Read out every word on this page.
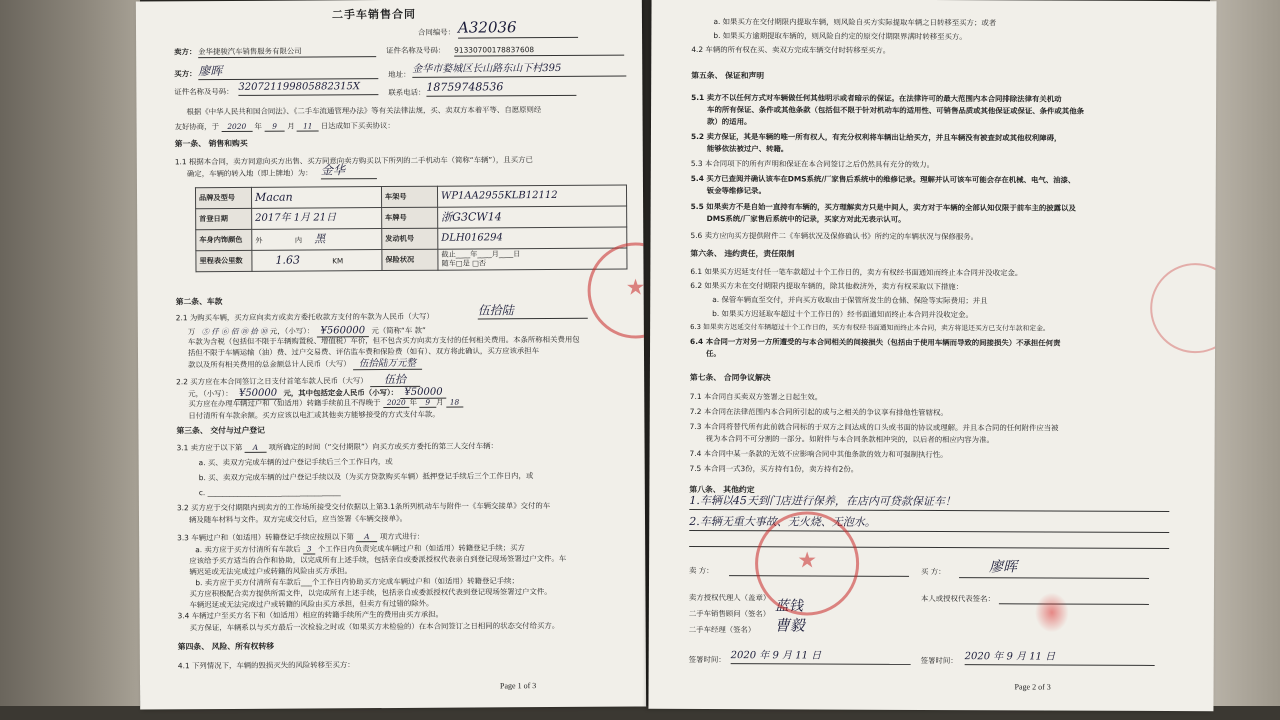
二手车销售合同
合同编号： A32036
卖方： 金华捷骏汽车销售服务有限公司	证件名称及号码： 91330700178837608
买方： 廖晖	地址： 金华市婺城区长山路东山下村395
证件名称及号码： 320721199805882315X	联系电话： 18759748536
根据《中华人民共和国合同法》、《二手车流通管理办法》等有关法律法规，买、卖双方本着平等、自愿原则经
友好协商，于 2020 年 9 月 11 日达成如下买卖协议：
第一条、 销售和购买
1.1 根据本合同，卖方同意向买方出售、买方同意向卖方购买以下所列的二手机动车（简称“车辆”），且买方已
确定，车辆的转入地（即上牌地）为： 金华
品牌及型号	Macan	车架号	WP1AA2955KLB12112
首登日期	2017年 1月 21日	车牌号	浙G3CW14
车身内饰颜色	外 内 黑	发动机号	DLH016294
里程表公里数	1.63 KM	保险状况	截止____年____月____日
随车□是 □否
第二条、车款
2.1 为购买车辆，买方应向卖方或卖方委托收款方支付的车款为人民币（大写）	伍拾陆
万 ⑤ 仟 ⑥ 佰 ⑩ 拾 ⑩ 元，（小写）： ¥560000 元（简称“车 款”
车款为含税（包括但不限于车辆购置税、增值税）车价，但不包含买方向卖方支付的任何相关费用。本条所称相关费用包
括但不限于车辆运输（油）费、过户交易费、评估监车费和保险费（如有）、双方将此确认，买方应该承担车
款以及所有相关费用的总金额总计人民币（大写） 伍拾陆万元整
2.2 买方应在本合同签订之日支付首笔车款人民币（大写） 伍拾
元，（小写）： ¥50000 元，其中包括定金人民币（小写）： ¥50000
买方应在办理车辆过户和（如适用）转籍手续前且不得晚于 2020 年 9 月 18
日付清所有车款余额。买方应该以电汇或其他卖方能够接受的方式支付车款。
第三条、 交付与过户登记
3.1 卖方应于以下第 A 项所确定的时间（“交付期限”）向买方或买方委托的第三人交付车辆：
a. 买、卖双方完成车辆的过户登记手续后三个工作日内，或
b. 买、卖双方完成车辆的过户登记手续以及（为买方贷款购买车辆）抵押登记手续后三个工作日内，或
c. ____________________________________
3.2 买方应于交付期限内到卖方的工作场所接受交付依据以上第3.1条所列机动车与附件一《车辆交接单》交付的车
辆及随车材料与文件。双方完成交付后，应当签署《车辆交接单》。
3.3 车辆过户和（如适用）转籍登记手续应按照以下第 A 项方式进行：
a. 卖方应于买方付清所有车款后 3 个工作日内负责完成车辆过户和（如适用）转籍登记手续；买方
应该给予买方适当的合作和协助，以完成所有上述手续，包括亲自或委派授权代表亲自到登记现场签署过户文件。车
辆迟延或无法完成过户或转籍的风险由买方承担。
b. 卖方应于买方付清所有车款后___个工作日内协助买方完成车辆过户和（如适用）转籍登记手续；
买方应积极配合卖方提供所需文件，以完成所有上述手续，包括亲自或委派授权代表到登记现场签署过户文件。
车辆迟延或无法完成过户或转籍的风险由买方承担，但卖方有过错的除外。
3.4 车辆过户至买方名下和（如适用）相应的转籍手续所产生的费用由买方承担。
买方保证，车辆系以与买方最后一次检验之时或（如果买方未检验的）在本合同签订之日相同的状态交付给买方。
第四条、 风险、所有权转移
4.1 下列情况下，车辆的毁损灭失的风险转移至买方：
Page 1 of 3
★
a. 如果买方在交付期限内提取车辆，则风险自买方实际提取车辆之日转移至买方；或者
b. 如果买方逾期提取车辆的，则风险自约定的原交付期限界满时转移至买方。
4.2 车辆的所有权在买、卖双方完成车辆交付时转移至买方。
第五条、 保证和声明
5.1 卖方不以任何方式对车辆做任何其他明示或者暗示的保证。在法律许可的最大范围内本合同排除法律有关机动
车的所有保证、条件或其他条款（包括但不限于针对机动车的适用性、可销售品质或其他保证或保证、条件或其他条
款）的适用。
5.2 卖方保证，其是车辆的唯一所有权人，有充分权利将车辆出让给买方，并且车辆没有被查封或其他权利障碍，
能够依法被过户、转籍。
5.3 本合同项下的所有声明和保证在本合同签订之后仍然具有充分的效力。
5.4 买方已查阅并确认该车在DMS系统/厂家售后系统中的维修记录。理解并认可该车可能会存在机械、电气、油漆、
钣金等维修记录。
5.5 如果卖方不是自始一直持有车辆的，买方理解卖方只是中间人，卖方对于车辆的全部认知仅限于前车主的披露以及
DMS系统/厂家售后系统中的记录，买家方对此无表示认可。
5.6 卖方应向买方提供附件二《车辆状况及保修确认书》所约定的车辆状况与保修服务。
第六条、 违约责任，责任限制
6.1 如果买方迟延支付任一笔车款超过十个工作日的，卖方有权经书面通知而终止本合同并没收定金。
6.2 如果买方未在交付期限内提取车辆的，除其他救济外，卖方有权采取以下措施：
a. 保管车辆直至交付，并向买方收取由于保管所发生的仓储、保险等实际费用；并且
b. 如果买方迟延取车超过十个工作日的）经书面通知而终止本合同并没收定金。
6.3 如果卖方迟延交付车辆超过十个工作日的，买方有权经书面通知而终止本合同，卖方将退还买方已支付车款和定金。
6.4 本合同一方对另一方所遭受的与本合同相关的间接损失（包括由于使用车辆而导致的间接损失）不承担任何责
任。
第七条、 合同争议解决
7.1 本合同自买卖双方签署之日起生效。
7.2 本合同在法律范围内本合同所引起的或与之相关的争议享有排他性管辖权。
7.3 本合同将替代所有此前就合同标的于双方之间达成的口头或书面的协议或理解。并且本合同的任何附件应当被
视为本合同不可分割的一部分。如附件与本合同条款相冲突的，以后者的相应内容为准。
7.4 本合同中某一条款的无效不应影响合同中其他条款的效力和可强制执行性。
7.5 本合同一式3份，买方持有1份，卖方持有2份。
第八条、 其他约定
1.车辆以45天到门店进行保养，在店内可贷款保证车！
2.车辆无重大事故、无火烧、无泡水。
卖 方：	买 方：	廖晖
卖方授权代理人（盖章）	本人或授权代表签名：
二手车销售顾问（签名） 蓝钱
二手车经理（签名） 曹毅
签署时间： 2020 年 9 月 11 日	签署时间： 2020 年 9 月 11 日
Page 2 of 3
★
